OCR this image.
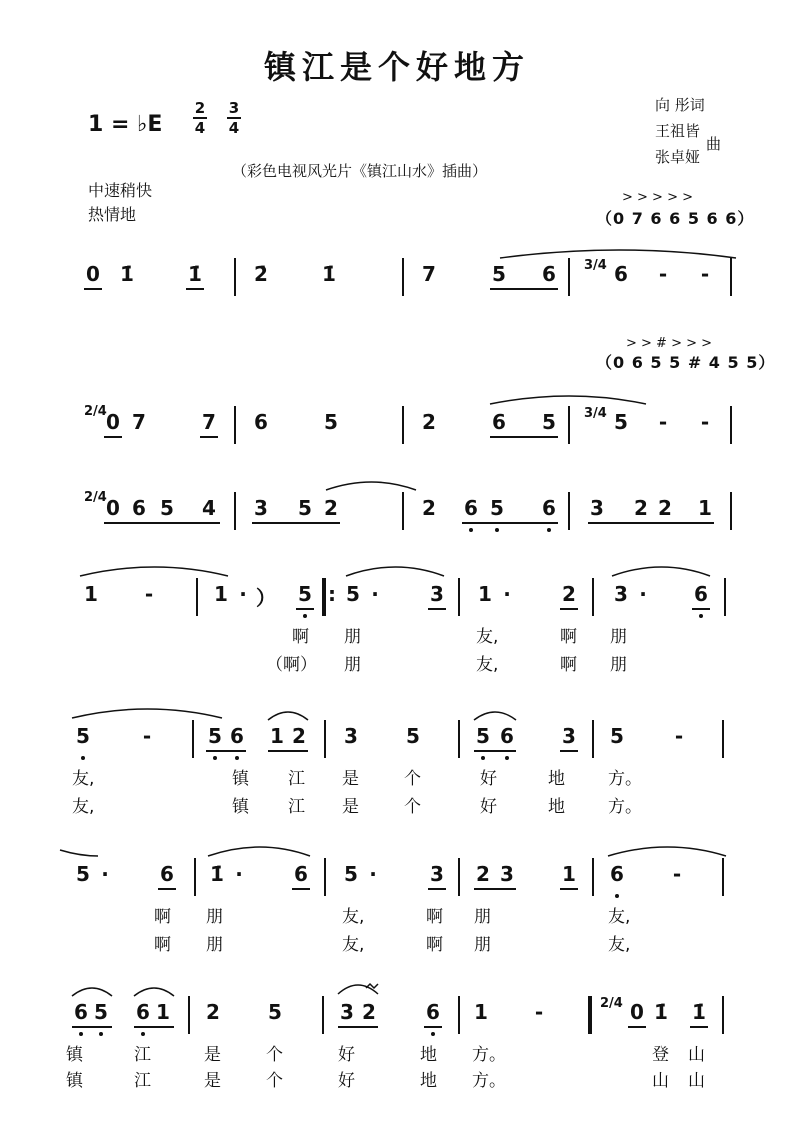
镇江是个好地方
1 = ♭E
2
4
3
4
向 彤词
王祖皆
张卓娅
曲
（彩色电视风光片《镇江山水》插曲）
中速稍快
热情地
> > > > >
（0 7 6 6 5 6 6）
> > # > > >
（0 6 5 5 # 4 5 5）
0 1̇	1̇	2̇	1̇	7	5 6 3/4 6 - -
2/4 0 7	7 6	5	2	6 5 3/4 5 - -
2/4 0 6 5 4 3 5 2	2 6 5 6 3 2 2 1
1 -	1 · ） 5 : 5 ·	3 1 ·	2 3 · 6
啊 朋	友,	啊 朋
（啊） 朋	友,	啊 朋
5	-	5 6 1 2 3 5	5 6 3 5	-
友,	镇 江 是	个	好	地	方。
友,	镇 江 是	个	好	地	方。
5 ·	6 1̇ ·	6 5 ·	3 2 3 1 6 -
啊 朋	友,	啊 朋	友,
啊 朋	友,	啊 朋	友,
6 5 6 1 2 5	3 2	6 1 -	2/4 0 1̇ 1̇
镇	江	是	个	好	地 方。	登 山
镇	江	是	个	好	地 方。	山 山
